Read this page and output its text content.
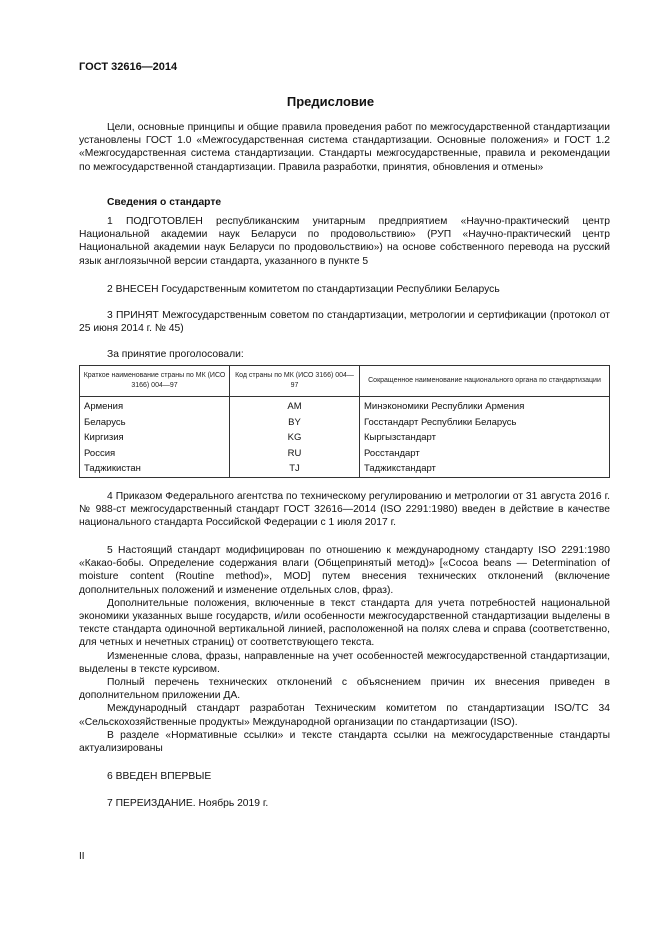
ГОСТ 32616—2014
Предисловие

Цели, основные принципы и общие правила проведения работ по межгосударственной стандартизации установлены ГОСТ 1.0 «Межгосударственная система стандартизации. Основные положения» и ГОСТ 1.2 «Межгосударственная система стандартизации. Стандарты межгосударственные, правила и рекомендации по межгосударственной стандартизации. Правила разработки, принятия, обновления и отмены»

Сведения о стандарте

1 ПОДГОТОВЛЕН республиканским унитарным предприятием «Научно-практический центр Национальной академии наук Беларуси по продовольствию» (РУП «Научно-практический центр Национальной академии наук Беларуси по продовольствию») на основе собственного перевода на русский язык англоязычной версии стандарта, указанного в пункте 5

2 ВНЕСЕН Государственным комитетом по стандартизации Республики Беларусь

3 ПРИНЯТ Межгосударственным советом по стандартизации, метрологии и сертификации (протокол от 25 июня 2014 г. № 45)

За принятие проголосовали:

Краткое наименование страны по МК (ИСО 3166) 004—97	Код страны по МК (ИСО 3166) 004—97	Сокращенное наименование национального органа по стандартизации
Армения	AM	Минэкономики Республики Армения
Беларусь	BY	Госстандарт Республики Беларусь
Киргизия	KG	Кыргызстандарт
Россия	RU	Росстандарт
Таджикистан	TJ	Таджикстандарт

4 Приказом Федерального агентства по техническому регулированию и метрологии от 31 августа 2016 г. № 988-ст межгосударственный стандарт ГОСТ 32616—2014 (ISO 2291:1980) введен в действие в качестве национального стандарта Российской Федерации с 1 июля 2017 г.

5 Настоящий стандарт модифицирован по отношению к международному стандарту ISO 2291:1980 «Какао-бобы. Определение содержания влаги (Общепринятый метод)» [«Cocoa beans — Determination of moisture content (Routine method)», MOD] путем внесения технических отклонений (включение дополнительных положений и изменение отдельных слов, фраз).

Дополнительные положения, включенные в текст стандарта для учета потребностей национальной экономики указанных выше государств, и/или особенности межгосударственной стандартизации выделены в тексте стандарта одиночной вертикальной линией, расположенной на полях слева и справа (соответственно, для четных и нечетных страниц) от соответствующего текста.

Измененные слова, фразы, направленные на учет особенностей межгосударственной стандартизации, выделены в тексте курсивом.

Полный перечень технических отклонений с объяснением причин их внесения приведен в дополнительном приложении ДА.

Международный стандарт разработан Техническим комитетом по стандартизации ISO/TC 34 «Сельскохозяйственные продукты» Международной организации по стандартизации (ISO).

В разделе «Нормативные ссылки» и тексте стандарта ссылки на межгосударственные стандарты актуализированы

6 ВВЕДЕН ВПЕРВЫЕ

7 ПЕРЕИЗДАНИЕ. Ноябрь 2019 г.

II
